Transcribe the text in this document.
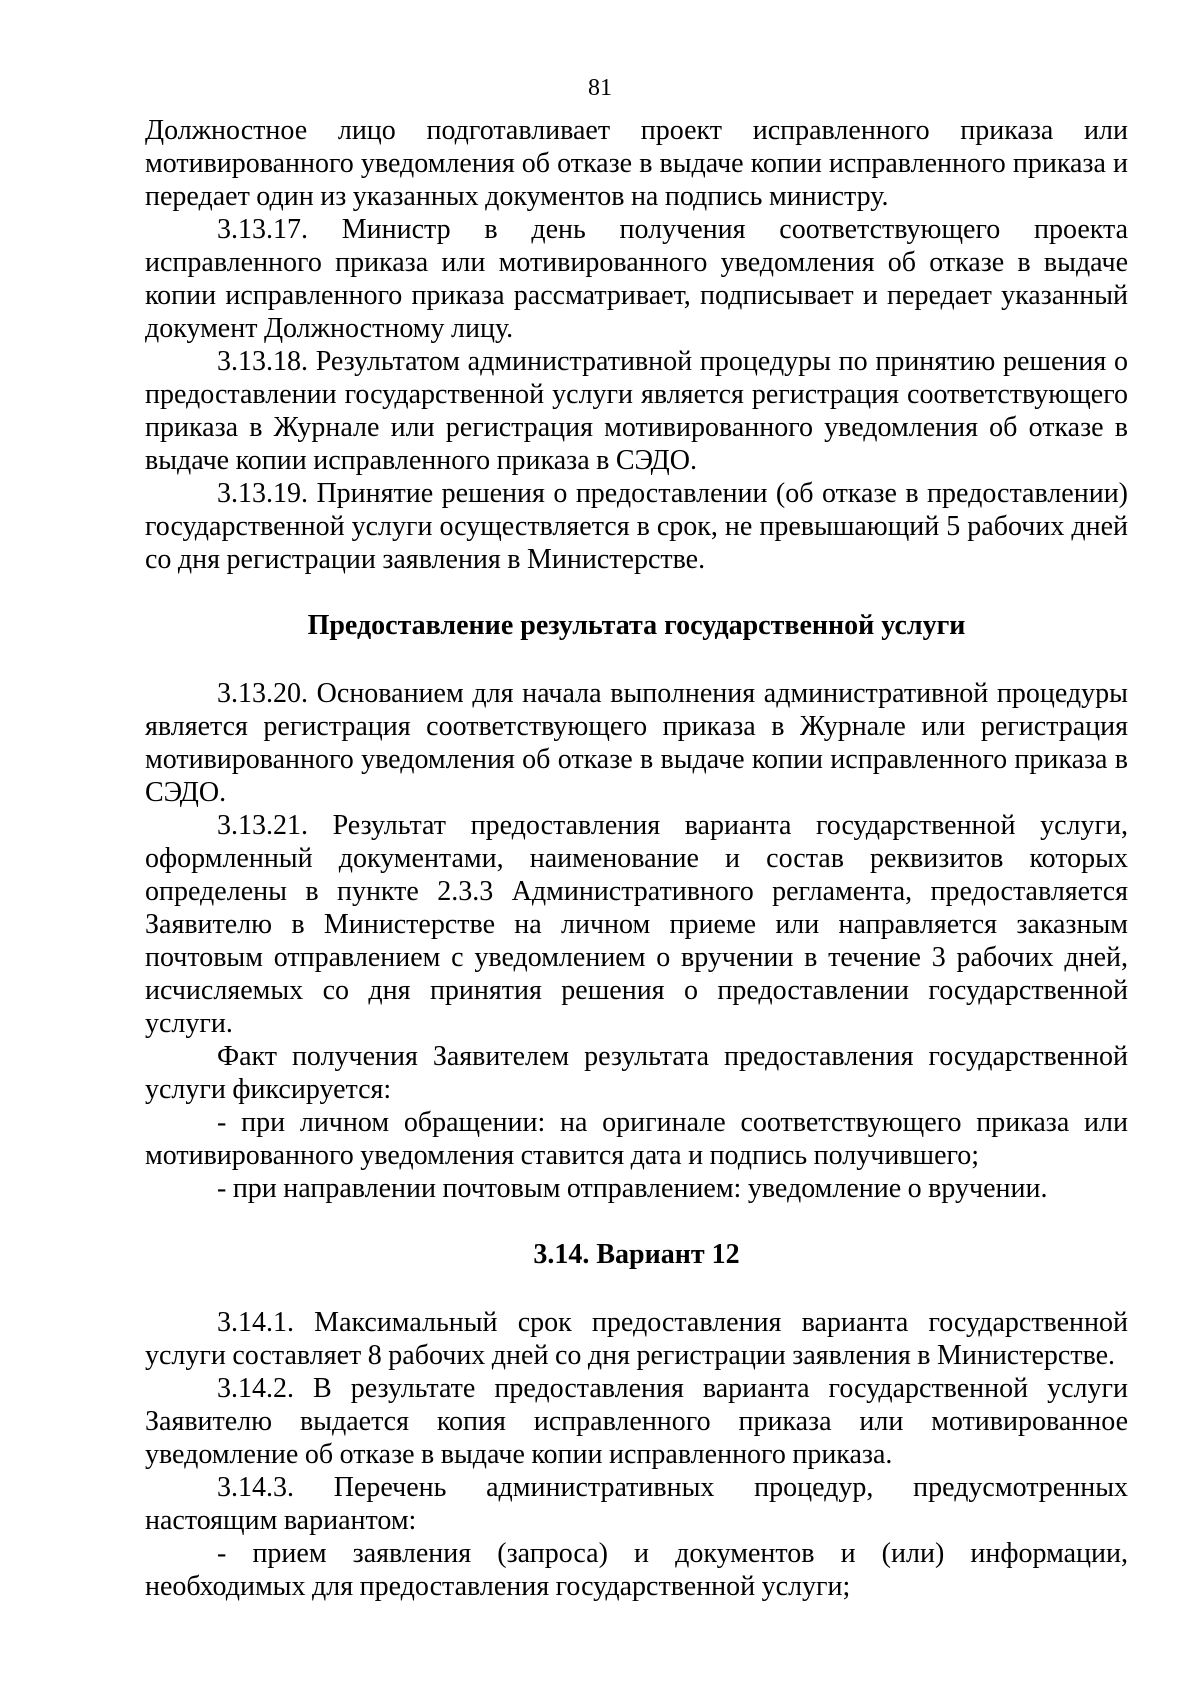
81

Должностное лицо подготавливает проект исправленного приказа или мотивированного уведомления об отказе в выдаче копии исправленного приказа и передает один из указанных документов на подпись министру.

3.13.17. Министр в день получения соответствующего проекта исправленного приказа или мотивированного уведомления об отказе в выдаче копии исправленного приказа рассматривает, подписывает и передает указанный документ Должностному лицу.

3.13.18. Результатом административной процедуры по принятию решения о предоставлении государственной услуги является регистрация соответствующего приказа в Журнале или регистрация мотивированного уведомления об отказе в выдаче копии исправленного приказа в СЭДО.

3.13.19. Принятие решения о предоставлении (об отказе в предоставлении) государственной услуги осуществляется в срок, не превышающий 5 рабочих дней со дня регистрации заявления в Министерстве.

Предоставление результата государственной услуги

3.13.20. Основанием для начала выполнения административной процедуры является регистрация соответствующего приказа в Журнале или регистрация мотивированного уведомления об отказе в выдаче копии исправленного приказа в СЭДО.

3.13.21. Результат предоставления варианта государственной услуги, оформленный документами, наименование и состав реквизитов которых определены в пункте 2.3.3 Административного регламента, предоставляется Заявителю в Министерстве на личном приеме или направляется заказным почтовым отправлением с уведомлением о вручении в течение 3 рабочих дней, исчисляемых со дня принятия решения о предоставлении государственной услуги.

Факт получения Заявителем результата предоставления государственной услуги фиксируется:

- при личном обращении: на оригинале соответствующего приказа или мотивированного уведомления ставится дата и подпись получившего;

- при направлении почтовым отправлением: уведомление о вручении.

3.14. Вариант 12

3.14.1. Максимальный срок предоставления варианта государственной услуги составляет 8 рабочих дней со дня регистрации заявления в Министерстве.

3.14.2. В результате предоставления варианта государственной услуги Заявителю выдается копия исправленного приказа или мотивированное уведомление об отказе в выдаче копии исправленного приказа.

3.14.3. Перечень административных процедур, предусмотренных настоящим вариантом:

- прием заявления (запроса) и документов и (или) информации, необходимых для предоставления государственной услуги;
